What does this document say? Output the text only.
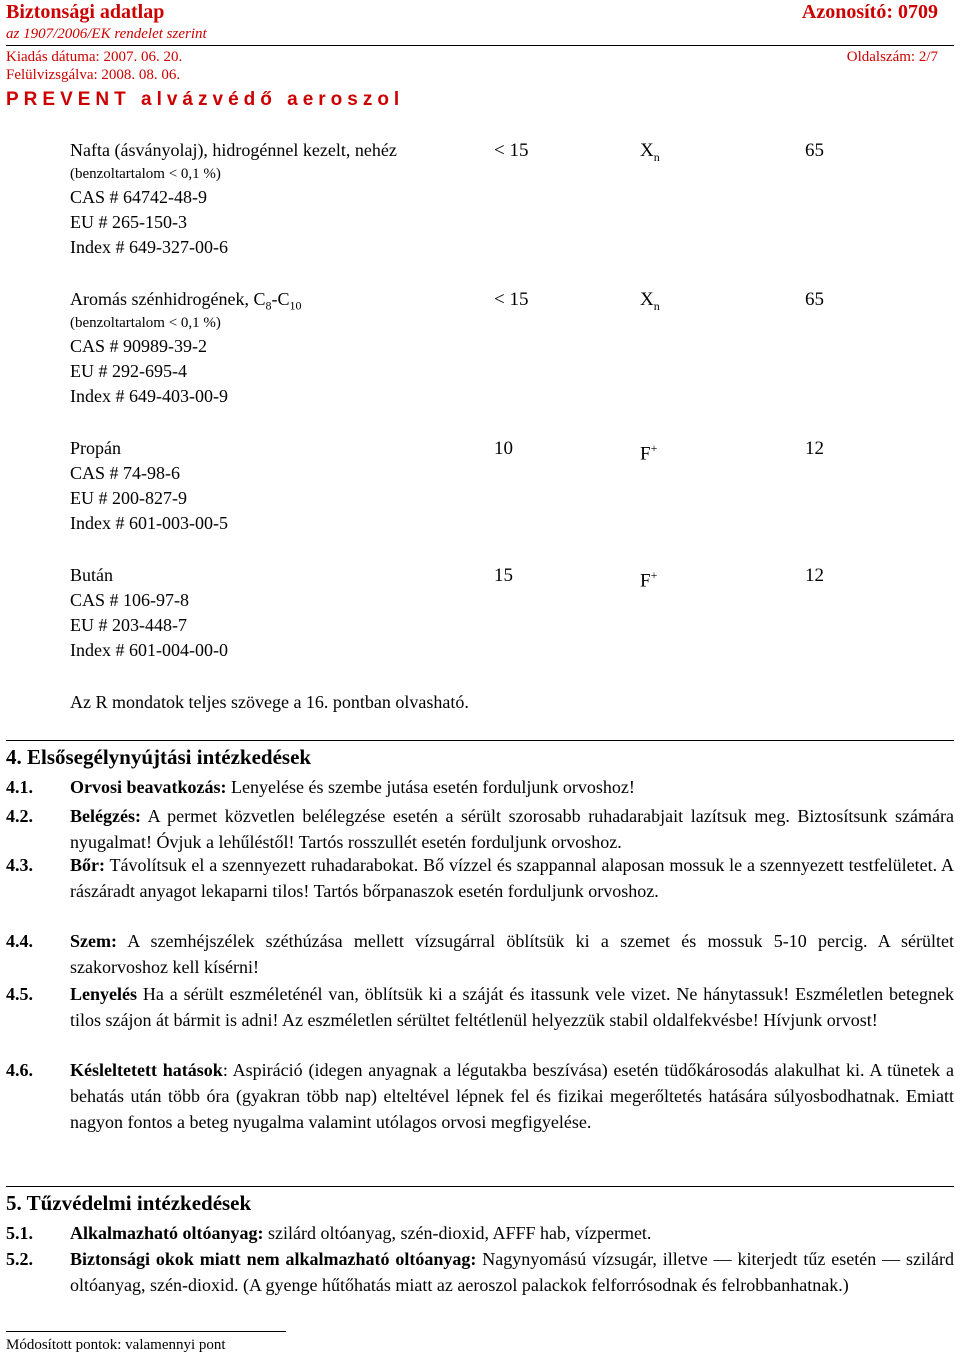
Biztonsági adatlap	Azonosító: 0709
az 1907/2006/EK rendelet szerint
Kiadás dátuma: 2007. 06. 20.	Oldalszám: 2/7
Felülvizsgálva: 2008. 08. 06.
PREVENT alvázvédő aeroszol
Nafta (ásványolaj), hidrogénnel kezelt, nehéz
(benzoltartalom < 0,1 %)
CAS # 64742-48-9
EU # 265-150-3
Index # 649-327-00-6
< 15	$X_n$	65
Aromás szénhidrogének, $C_8-C_{10}$
(benzoltartalom < 0,1 %)
CAS # 90989-39-2
EU # 292-695-4
Index # 649-403-00-9
< 15	$X_n$	65
Propán
CAS # 74-98-6
EU # 200-827-9
Index # 601-003-00-5
10	F+	12
Bután
CAS # 106-97-8
EU # 203-448-7
Index # 601-004-00-0
15	F+	12
Az R mondatok teljes szövege a 16. pontban olvasható.
4. Elsősegélynyújtási intézkedések
4.1. Orvosi beavatkozás: Lenyelése és szembe jutása esetén forduljunk orvoshoz!
4.2. Belégzés: A permet közvetlen belélegzése esetén a sérült szorosabb ruhadarabjait lazítsuk meg. Biztosítsunk számára nyugalmat! Óvjuk a lehűléstől! Tartós rosszullét esetén forduljunk orvoshoz.
4.3. Bőr: Távolítsuk el a szennyezett ruhadarabokat. Bő vízzel és szappannal alaposan mossuk le a szennyezett testfelületet. A rászáradt anyagot lekaparni tilos! Tartós bőrpanaszok esetén forduljunk orvoshoz.
4.4. Szem: A szemhéjszélek széthúzása mellett vízsugárral öblítsük ki a szemet és mossuk 5-10 percig. A sérültet szakorvoshoz kell kísérni!
4.5. Lenyelés Ha a sérült eszméleténél van, öblítsük ki a száját és itassunk vele vizet. Ne hánytassuk! Eszméletlen betegnek tilos szájon át bármit is adni! Az eszméletlen sérültet feltétlenül helyezzük stabil oldalfekvésbe! Hívjunk orvost!
4.6. Késleltetett hatások: Aspiráció (idegen anyagnak a légutakba beszívása) esetén tüdőkárosodás alakulhat ki. A tünetek a behatás után több óra (gyakran több nap) elteltével lépnek fel és fizikai megerőltetés hatására súlyosbodhatnak. Emiatt nagyon fontos a beteg nyugalma valamint utólagos orvosi megfigyelése.
5. Tűzvédelmi intézkedések
5.1. Alkalmazható oltóanyag: szilárd oltóanyag, szén-dioxid, AFFF hab, vízpermet.
5.2. Biztonsági okok miatt nem alkalmazható oltóanyag: Nagynyomású vízsugár, illetve — kiterjedt tűz esetén — szilárd oltóanyag, szén-dioxid. (A gyenge hűtőhatás miatt az aeroszol palackok felforrósodnak és felrobbanhatnak.)
Módosított pontok: valamennyi pont
